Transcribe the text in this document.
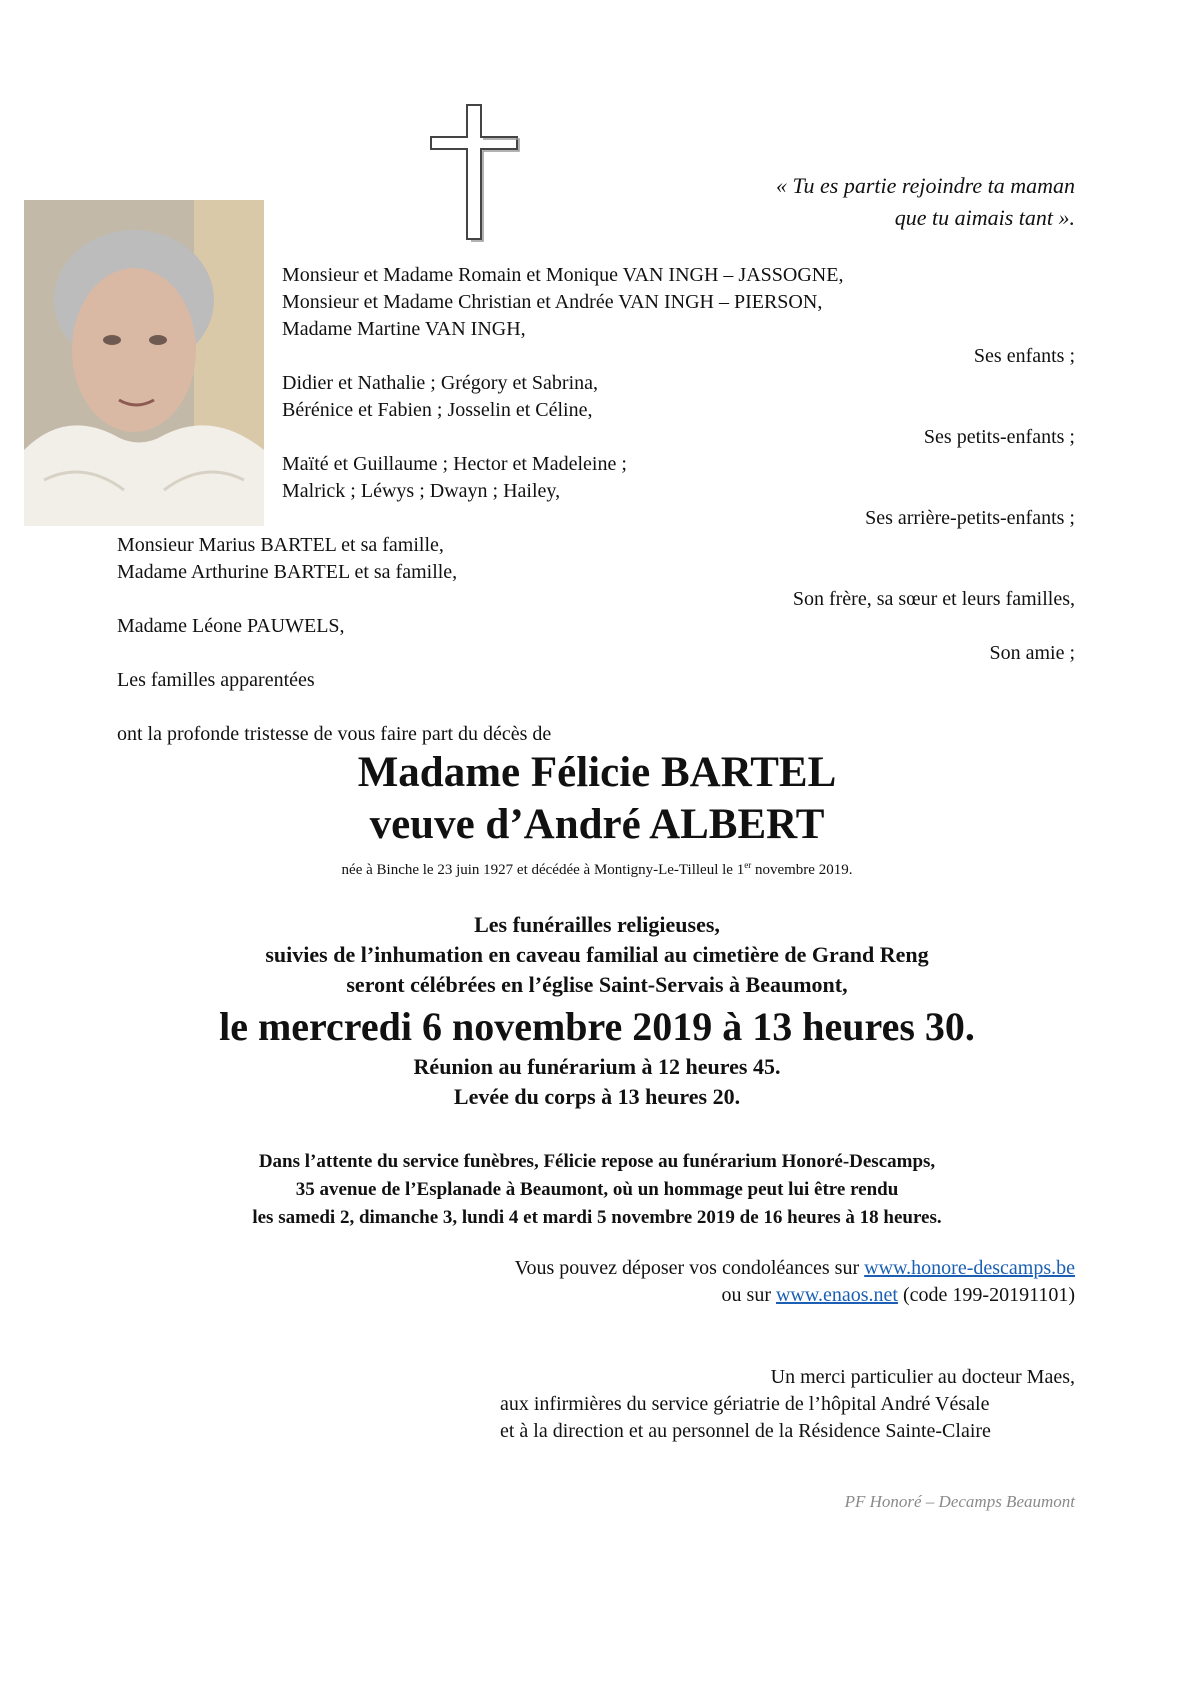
« Tu es partie rejoindre ta maman
que tu aimais tant ».
Monsieur et Madame Romain et Monique VAN INGH – JASSOGNE,
Monsieur et Madame Christian et Andrée VAN INGH – PIERSON,
Madame Martine VAN INGH,
Ses enfants ;
Didier et Nathalie ; Grégory et Sabrina,
Bérénice et Fabien ; Josselin et Céline,
Ses petits-enfants ;
Maïté et Guillaume ; Hector et Madeleine ;
Malrick ; Léwys ; Dwayn ; Hailey,
Ses arrière-petits-enfants ;
Monsieur Marius BARTEL et sa famille,
Madame Arthurine BARTEL et sa famille,
Son frère, sa sœur et leurs familles,
Madame Léone PAUWELS,
Son amie ;
Les familles apparentées
ont la profonde tristesse de vous faire part du décès de
Madame Félicie BARTEL
veuve d’André ALBERT
née à Binche le 23 juin 1927 et décédée à Montigny-Le-Tilleul le 1er novembre 2019.
Les funérailles religieuses,
suivies de l’inhumation en caveau familial au cimetière de Grand Reng
seront célébrées en l’église Saint-Servais à Beaumont,
le mercredi 6 novembre 2019 à 13 heures 30.
Réunion au funérarium à 12 heures 45.
Levée du corps à 13 heures 20.
Dans l’attente du service funèbres, Félicie repose au funérarium Honoré-Descamps,
35 avenue de l’Esplanade à Beaumont, où un hommage peut lui être rendu
les samedi 2, dimanche 3, lundi 4 et mardi 5 novembre 2019 de 16 heures à 18 heures.
Vous pouvez déposer vos condoléances sur www.honore-descamps.be
ou sur www.enaos.net (code 199-20191101)
Un merci particulier au docteur Maes,
aux infirmières du service gériatrie de l’hôpital André Vésale
et à la direction et au personnel de la Résidence Sainte-Claire
PF Honoré – Decamps Beaumont
